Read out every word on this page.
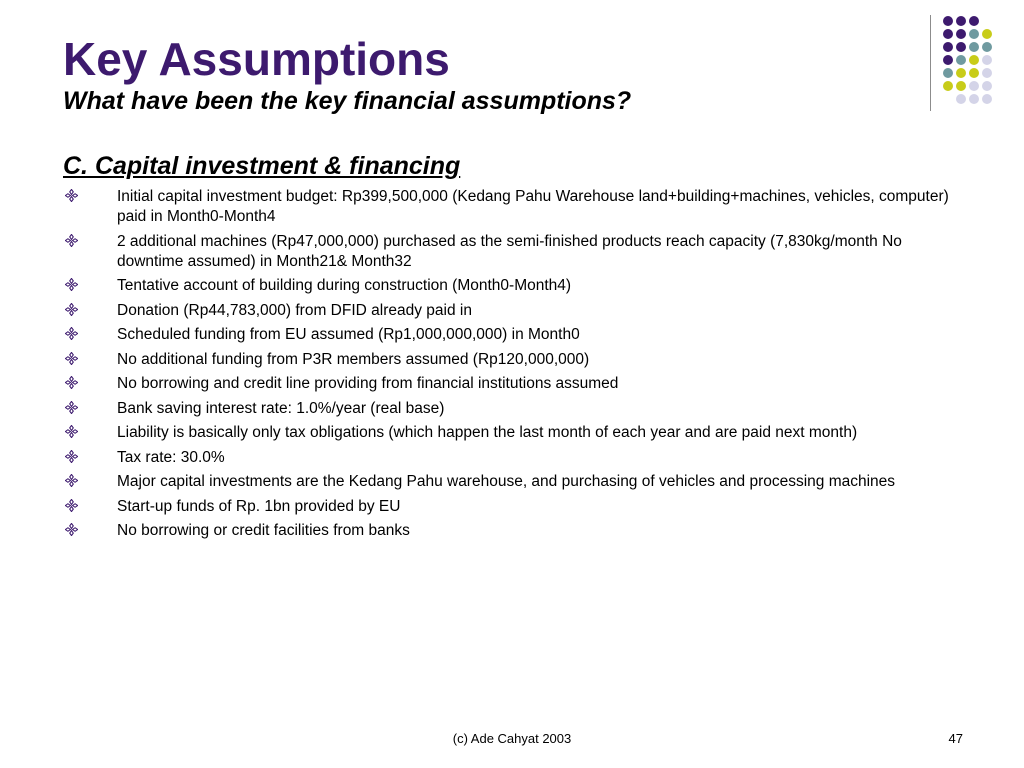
Key Assumptions
What have been the key financial assumptions?
C. Capital investment & financing
Initial capital investment budget: Rp399,500,000 (Kedang Pahu Warehouse land+building+machines, vehicles, computer) paid in Month0-Month4
2 additional machines (Rp47,000,000) purchased as the semi-finished products reach capacity (7,830kg/month No downtime assumed) in Month21& Month32
Tentative account of building during construction (Month0-Month4)
Donation (Rp44,783,000) from DFID already paid in
Scheduled funding from EU assumed (Rp1,000,000,000) in Month0
No additional funding from P3R members assumed (Rp120,000,000)
No borrowing and credit line providing from financial institutions assumed
Bank saving interest rate: 1.0%/year (real base)
Liability is basically only tax obligations (which happen the last month of each year and are paid next month)
Tax rate: 30.0%
Major capital investments are the Kedang Pahu warehouse, and purchasing of vehicles and processing machines
Start-up funds of Rp. 1bn provided by EU
No borrowing or credit facilities from banks
(c) Ade Cahyat 2003	47
